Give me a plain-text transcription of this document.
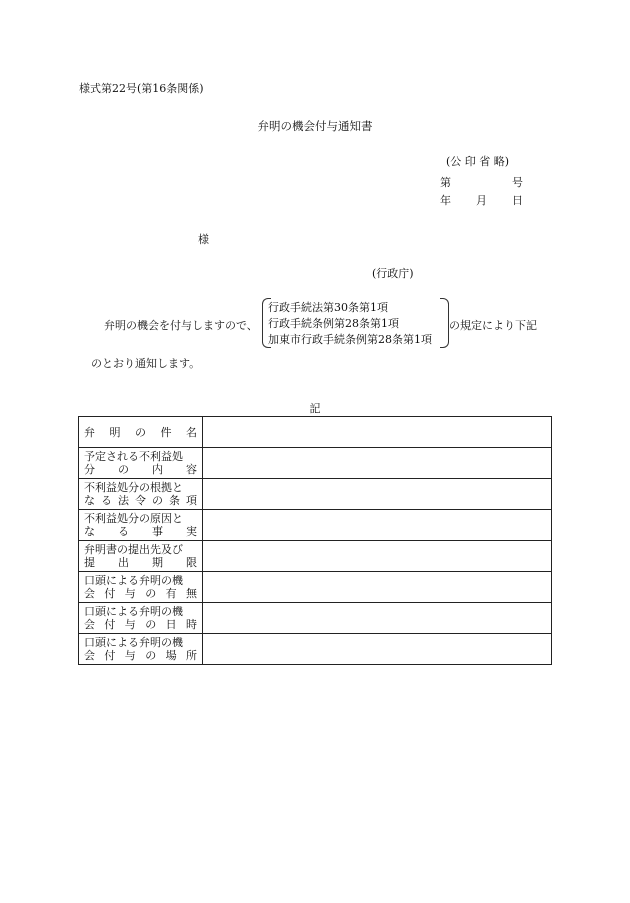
様式第22号(第16条関係)
弁明の機会付与通知書
(公 印 省 略)
第	号
年 月 日
様
(行政庁)
弁明の機会を付与しますので、
行政手続法第30条第1項
行政手続条例第28条第1項
加東市行政手続条例第28条第1項
の規定により下記
のとおり通知します。
記
弁明の件名	

予定される不利益処
分の内容	

不利益処分の根拠と
なる法令の条項	

不利益処分の原因と
なる事実	

弁明書の提出先及び
提出期限	

口頭による弁明の機
会付与の有無	

口頭による弁明の機
会付与の日時	

口頭による弁明の機
会付与の場所	
